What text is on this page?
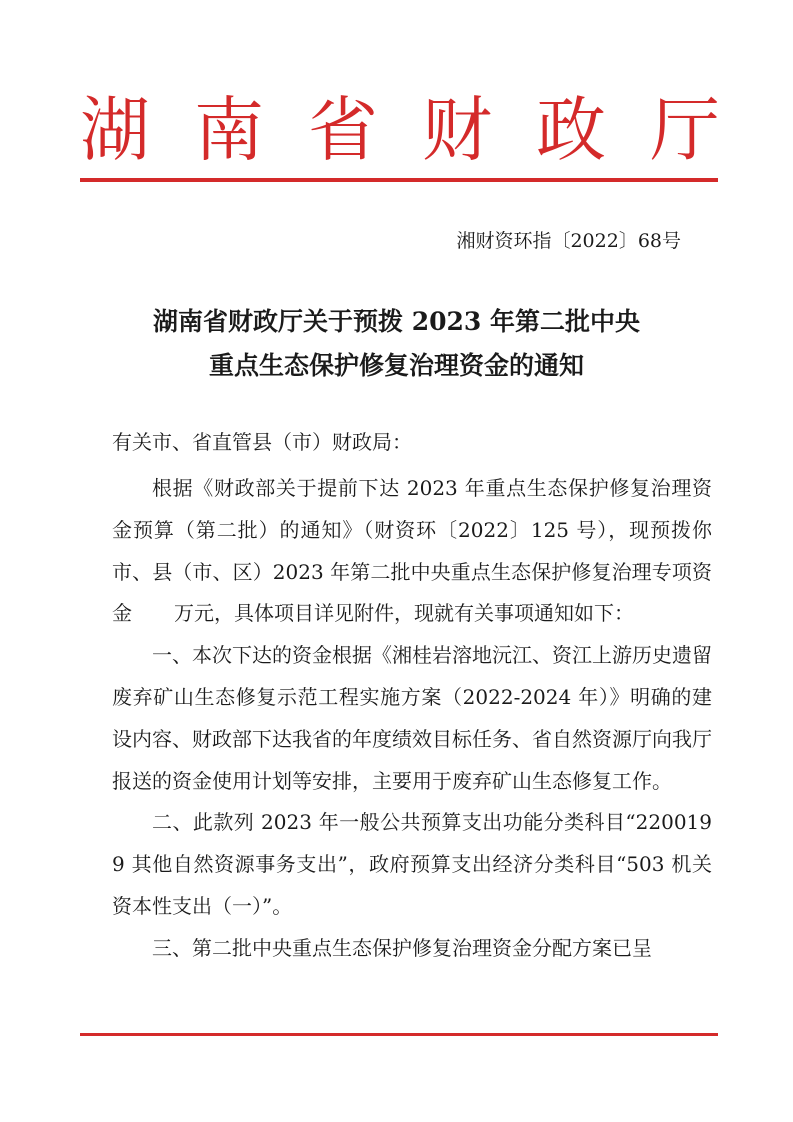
湖 南 省 财 政 厅
湘财资环指〔2022〕68号
湖南省财政厅关于预拨 2023 年第二批中央
重点生态保护修复治理资金的通知
有关市、省直管县（市）财政局：

根据《财政部关于提前下达 2023 年重点生态保护修复治理资金预算（第二批）的通知》（财资环〔2022〕125 号），现预拨你市、县（市、区）2023 年第二批中央重点生态保护修复治理专项资金 万元，具体项目详见附件，现就有关事项通知如下：

一、本次下达的资金根据《湘桂岩溶地沅江、资江上游历史遗留废弃矿山生态修复示范工程实施方案（2022-2024 年）》明确的建设内容、财政部下达我省的年度绩效目标任务、省自然资源厅向我厅报送的资金使用计划等安排，主要用于废弃矿山生态修复工作。

二、此款列 2023 年一般公共预算支出功能分类科目“2200199 其他自然资源事务支出”，政府预算支出经济分类科目“503 机关资本性支出（一）”。

三、第二批中央重点生态保护修复治理资金分配方案已呈
